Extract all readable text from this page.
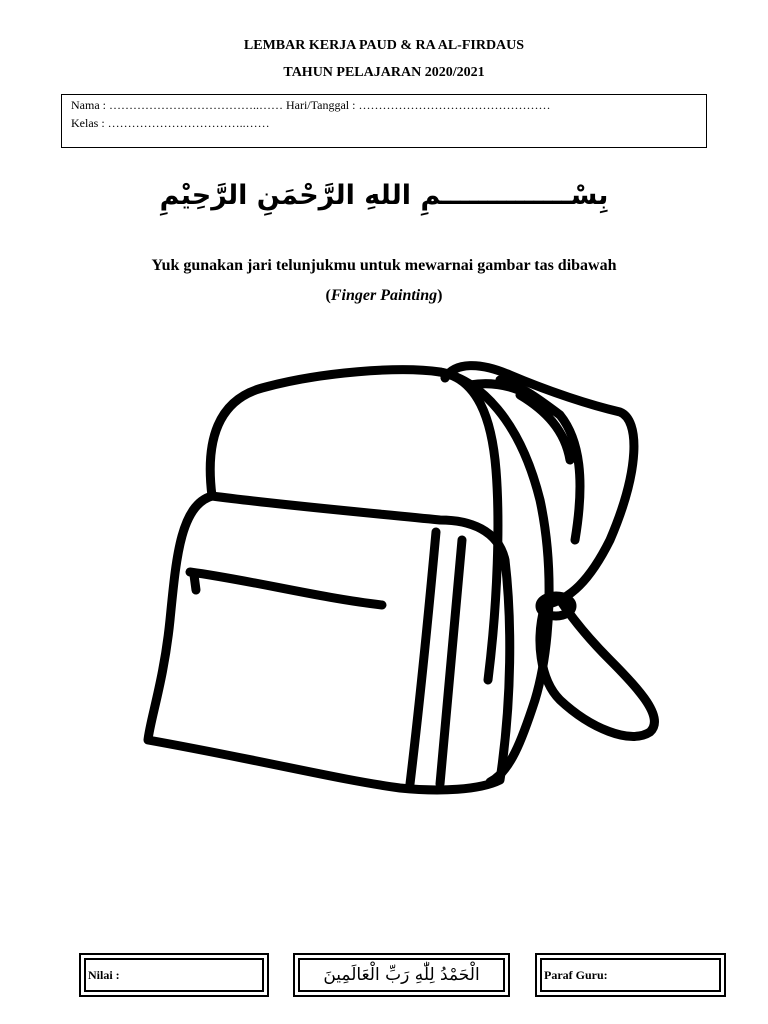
LEMBAR KERJA PAUD & RA AL-FIRDAUS
TAHUN PELAJARAN 2020/2021
Nama : ………………………………..…… Hari/Tanggal : …………………………………………
Kelas : ……………………………..……
بِسْــــــــــــــمِ اللهِ الرَّحْمَنِ الرَّحِيْمِ
Yuk gunakan jari telunjukmu untuk mewarnai gambar tas dibawah
(Finger Painting)
Nilai :	الْحَمْدُ لِلّٰهِ رَبِّ الْعَالَمِينَ	Paraf Guru:
